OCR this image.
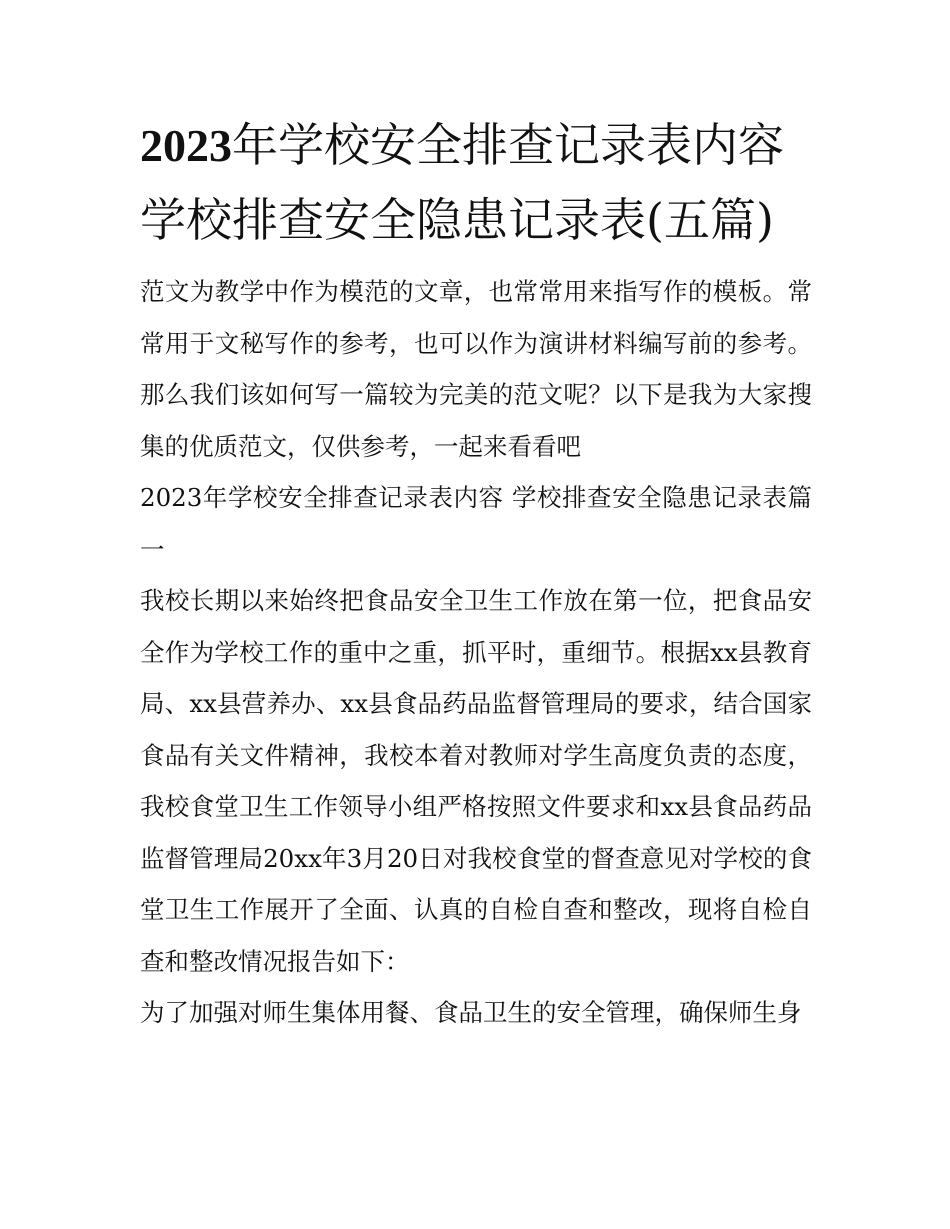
2023年学校安全排查记录表内容 学校排查安全隐患记录表(五篇)

范文为教学中作为模范的文章，也常常用来指写作的模板。常常用于文秘写作的参考，也可以作为演讲材料编写前的参考。那么我们该如何写一篇较为完美的范文呢？以下是我为大家搜集的优质范文，仅供参考，一起来看看吧

2023年学校安全排查记录表内容 学校排查安全隐患记录表篇一

我校长期以来始终把食品安全卫生工作放在第一位，把食品安全作为学校工作的重中之重，抓平时，重细节。根据xx县教育局、xx县营养办、xx县食品药品监督管理局的要求，结合国家食品有关文件精神，我校本着对教师对学生高度负责的态度，我校食堂卫生工作领导小组严格按照文件要求和xx县食品药品监督管理局20xx年3月20日对我校食堂的督查意见对学校的食堂卫生工作展开了全面、认真的自检自查和整改，现将自检自查和整改情况报告如下：

为了加强对师生集体用餐、食品卫生的安全管理，确保师生身
